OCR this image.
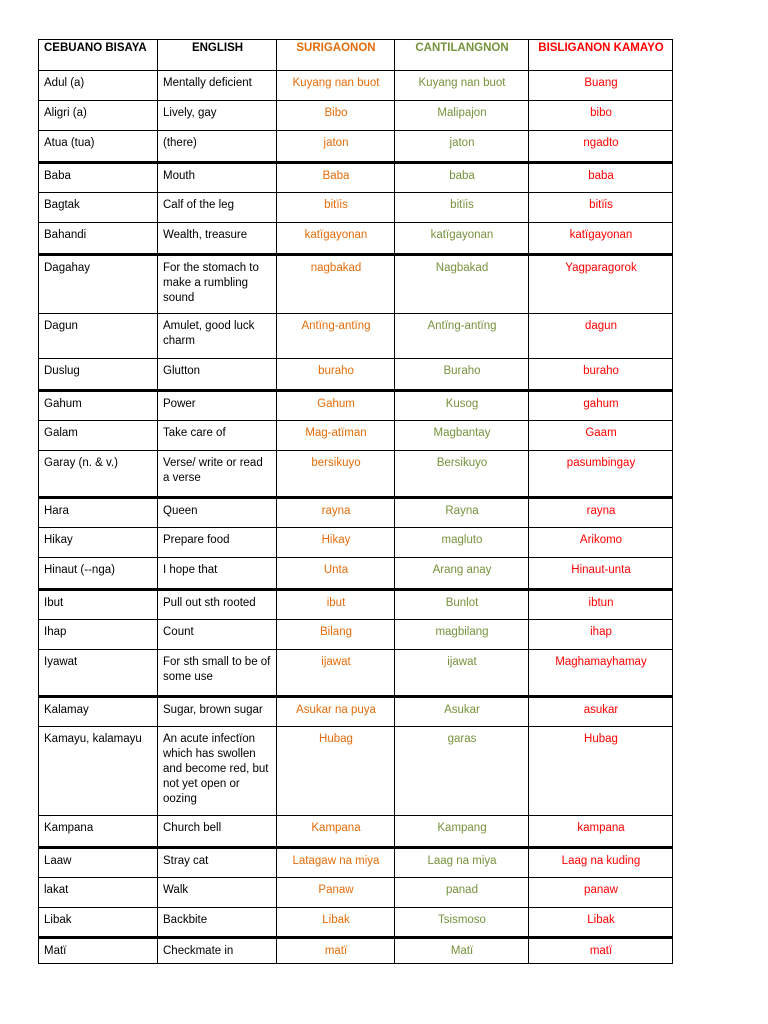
CEBUANO BISAYA	ENGLISH	SURIGAONON	CANTILANGNON	BISLIGANON KAMAYO
Adul (a)	Mentally deficient	Kuyang nan buot	Kuyang nan buot	Buang
Aligri (a)	Lively, gay	Bibo	Malipajon	bibo
Atua (tua)	(there)	jaton	jaton	ngadto
Baba	Mouth	Baba	baba	baba
Bagtak	Calf of the leg	bitïis	bitïis	bitïis
Bahandi	Wealth, treasure	katïgayonan	katïgayonan	katïgayonan
Dagahay	For the stomach to make a rumbling sound	nagbakad	Nagbakad	Yagparagorok
Dagun	Amulet, good luck charm	Antïng-antïng	Antïng-antïng	dagun
Duslug	Glutton	buraho	Buraho	buraho
Gahum	Power	Gahum	Kusog	gahum
Galam	Take care of	Mag-atïman	Magbantay	Gaam
Garay (n. & v.)	Verse/ write or read a verse	bersikuyo	Bersikuyo	pasumbingay
Hara	Queen	rayna	Rayna	rayna
Hikay	Prepare food	Hikay	magluto	Arikomo
Hinaut (--nga)	I hope that	Unta	Arang anay	Hinaut-unta
Ibut	Pull out sth rooted	ibut	Bunlot	ibtun
Ihap	Count	Bilang	magbilang	ihap
Iyawat	For sth small to be of some use	ijawat	ijawat	Maghamayhamay
Kalamay	Sugar, brown sugar	Asukar na puya	Asukar	asukar
Kamayu, kalamayu	An acute infectïon which has swollen and become red, but not yet open or oozing	Hubag	garas	Hubag
Kampana	Church bell	Kampana	Kampang	kampana
Laaw	Stray cat	Latagaw na miya	Laag na miya	Laag na kuding
lakat	Walk	Panaw	panad	panaw
Libak	Backbite	Libak	Tsismoso	Libak
Matï	Checkmate in	matï	Matï	matï
